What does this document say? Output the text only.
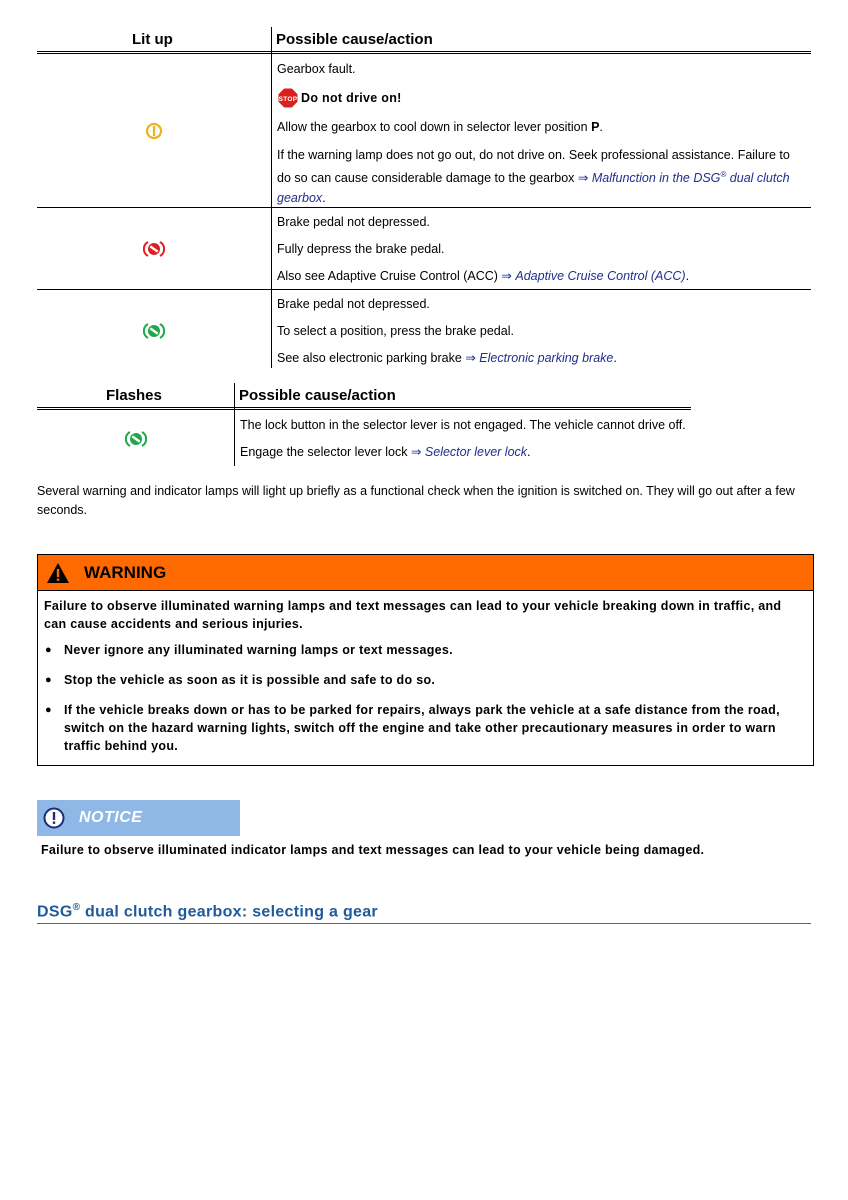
Lit up	Possible cause/action

Gearbox fault.

STOP Do not drive on!

Allow the gearbox to cool down in selector lever position P.

If the warning lamp does not go out, do not drive on. Seek professional assistance. Failure to do so can cause considerable damage to the gearbox ⇒ Malfunction in the DSG® dual clutch gearbox.

Brake pedal not depressed.

Fully depress the brake pedal.

Also see Adaptive Cruise Control (ACC) ⇒ Adaptive Cruise Control (ACC).

Brake pedal not depressed.

To select a position, press the brake pedal.

See also electronic parking brake ⇒ Electronic parking brake.

Flashes	Possible cause/action

The lock button in the selector lever is not engaged. The vehicle cannot drive off.

Engage the selector lever lock ⇒ Selector lever lock.

Several warning and indicator lamps will light up briefly as a functional check when the ignition is switched on. They will go out after a few seconds.
WARNING
Failure to observe illuminated warning lamps and text messages can lead to your vehicle breaking down in traffic, and can cause accidents and serious injuries.
● Never ignore any illuminated warning lamps or text messages.
● Stop the vehicle as soon as it is possible and safe to do so.
● If the vehicle breaks down or has to be parked for repairs, always park the vehicle at a safe distance from the road, switch on the hazard warning lights, switch off the engine and take other precautionary measures in order to warn traffic behind you.
NOTICE
Failure to observe illuminated indicator lamps and text messages can lead to your vehicle being damaged.
DSG® dual clutch gearbox: selecting a gear
